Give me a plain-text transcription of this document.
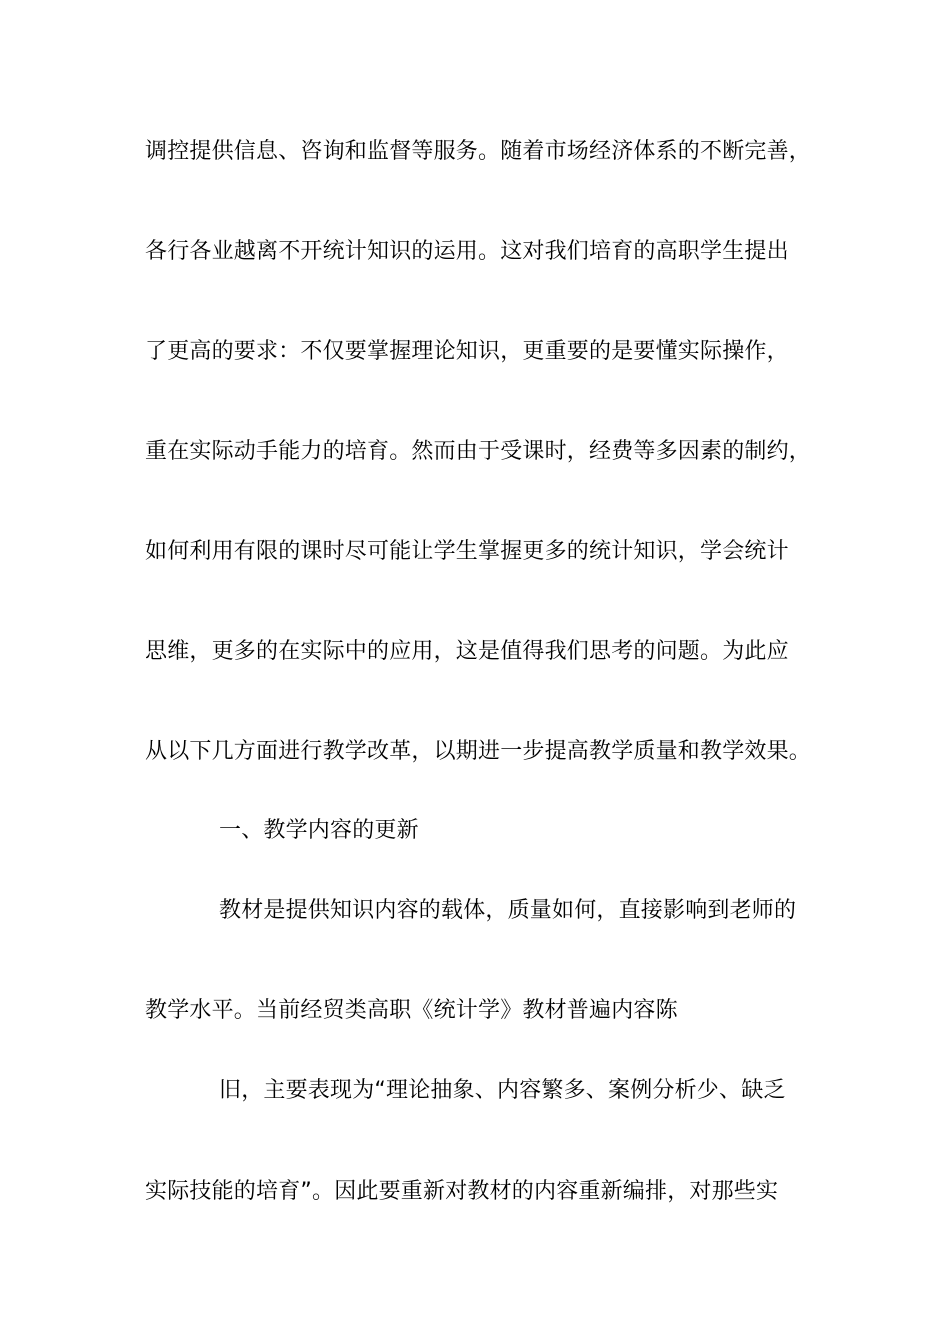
调控提供信息、咨询和监督等服务。随着市场经济体系的不断完善，
各行各业越离不开统计知识的运用。这对我们培育的高职学生提出
了更高的要求：不仅要掌握理论知识，更重要的是要懂实际操作，
重在实际动手能力的培育。然而由于受课时，经费等多因素的制约，
如何利用有限的课时尽可能让学生掌握更多的统计知识，学会统计
思维，更多的在实际中的应用，这是值得我们思考的问题。为此应
从以下几方面进行教学改革，以期进一步提高教学质量和教学效果。
一、教学内容的更新
教材是提供知识内容的载体，质量如何，直接影响到老师的
教学水平。当前经贸类高职《统计学》教材普遍内容陈
旧，主要表现为“理论抽象、内容繁多、案例分析少、缺乏
实际技能的培育”。因此要重新对教材的内容重新编排，对那些实
